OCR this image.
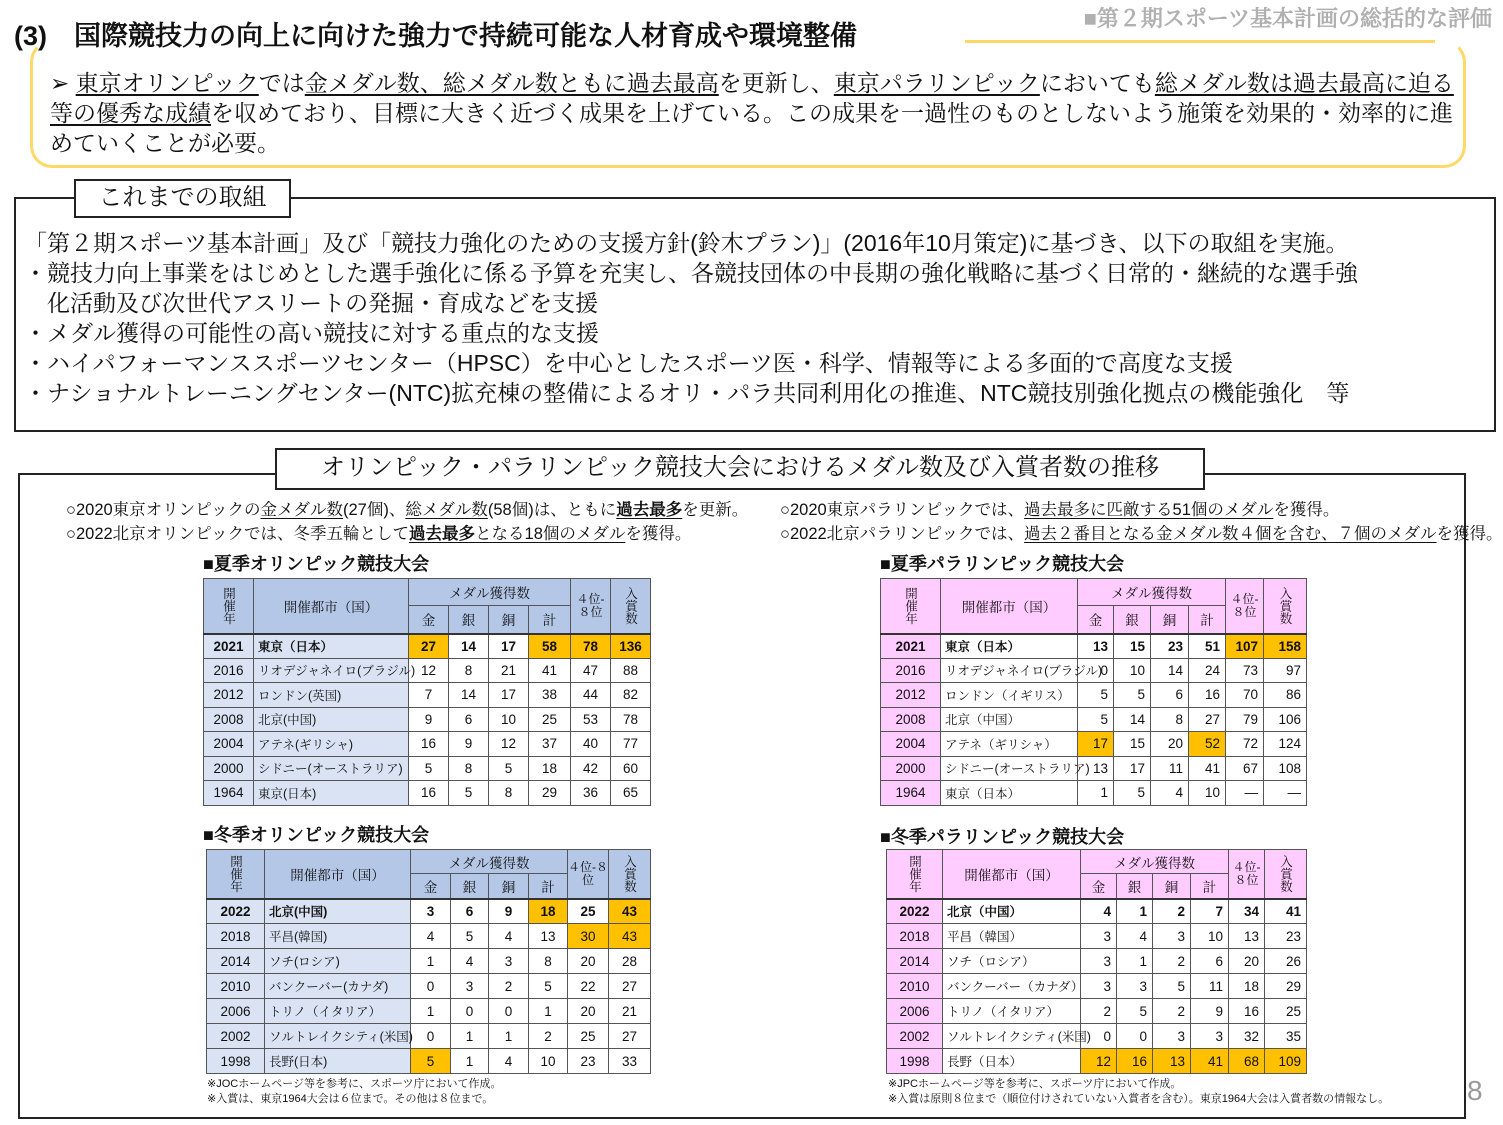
■第２期スポーツ基本計画の総括的な評価
(3)　国際競技力の向上に向けた強力で持続可能な人材育成や環境整備
➢ 東京オリンピックでは金メダル数、総メダル数ともに過去最高を更新し、東京パラリンピックにおいても総メダル数は過去最高に迫る等の優秀な成績を収めており、目標に大きく近づく成果を上げている。この成果を一過性のものとしないよう施策を効果的・効率的に進めていくことが必要。
これまでの取組
「第２期スポーツ基本計画」及び「競技力強化のための支援方針(鈴木プラン)」(2016年10月策定)に基づき、以下の取組を実施。
・競技力向上事業をはじめとした選手強化に係る予算を充実し、各競技団体の中長期の強化戦略に基づく日常的・継続的な選手強
　化活動及び次世代アスリートの発掘・育成などを支援
・メダル獲得の可能性の高い競技に対する重点的な支援
・ハイパフォーマンススポーツセンター（HPSC）を中心としたスポーツ医・科学、情報等による多面的で高度な支援
・ナショナルトレーニングセンター(NTC)拡充棟の整備によるオリ・パラ共同利用化の推進、NTC競技別強化拠点の機能強化　等
オリンピック・パラリンピック競技大会におけるメダル数及び入賞者数の推移
○2020東京オリンピックの金メダル数(27個)、総メダル数(58個)は、ともに過去最多を更新。
○2022北京オリンピックでは、冬季五輪として過去最多となる18個のメダルを獲得。
○2020東京パラリンピックでは、過去最多に匹敵する51個のメダルを獲得。
○2022北京パラリンピックでは、過去２番目となる金メダル数４個を含む、７個のメダルを獲得。
■夏季オリンピック競技大会	■夏季パラリンピック競技大会
■冬季オリンピック競技大会	■冬季パラリンピック競技大会
開催年	開催都市（国）	メダル獲得数				４位-８位	入賞数
		金	銀	銅	計		
2021	東京（日本）	27	14	17	58	78	136
2016	リオデジャネイロ(ブラジル)	12	8	21	41	47	88
2012	ロンドン(英国)	7	14	17	38	44	82
2008	北京(中国)	9	6	10	25	53	78
2004	アテネ(ギリシャ)	16	9	12	37	40	77
2000	シドニー(オーストラリア)	5	8	5	18	42	60
1964	東京(日本)	16	5	8	29	36	65
開催年	開催都市（国）	メダル獲得数				４位-８位	入賞数
		金	銀	銅	計		
2021	東京（日本）	13	15	23	51	107	158
2016	リオデジャネイロ(ブラジル)	0	10	14	24	73	97
2012	ロンドン（イギリス）	5	5	6	16	70	86
2008	北京（中国）	5	14	8	27	79	106
2004	アテネ（ギリシャ）	17	15	20	52	72	124
2000	シドニー(オーストラリア)	13	17	11	41	67	108
1964	東京（日本）	1	5	4	10	—	—
開催年	開催都市（国）	メダル獲得数				４位-８位	入賞数
		金	銀	銅	計		
2022	北京(中国)	3	6	9	18	25	43
2018	平昌(韓国)	4	5	4	13	30	43
2014	ソチ(ロシア)	1	4	3	8	20	28
2010	バンクーバー(カナダ)	0	3	2	5	22	27
2006	トリノ（イタリア）	1	0	0	1	20	21
2002	ソルトレイクシティ(米国)	0	1	1	2	25	27
1998	長野(日本)	5	1	4	10	23	33
開催年	開催都市（国）	メダル獲得数				４位-８位	入賞数
		金	銀	銅	計		
2022	北京（中国）	4	1	2	7	34	41
2018	平昌（韓国）	3	4	3	10	13	23
2014	ソチ（ロシア）	3	1	2	6	20	26
2010	バンクーバー（カナダ）	3	3	5	11	18	29
2006	トリノ（イタリア）	2	5	2	9	16	25
2002	ソルトレイクシティ(米国)	0	0	3	3	32	35
1998	長野（日本）	12	16	13	41	68	109
※JOCホームページ等を参考に、スポーツ庁において作成。
※入賞は、東京1964大会は６位まで。その他は８位まで。
※JPCホームページ等を参考に、スポーツ庁において作成。
※入賞は原則８位まで（順位付けされていない入賞者を含む）。東京1964大会は入賞者数の情報なし。	8
